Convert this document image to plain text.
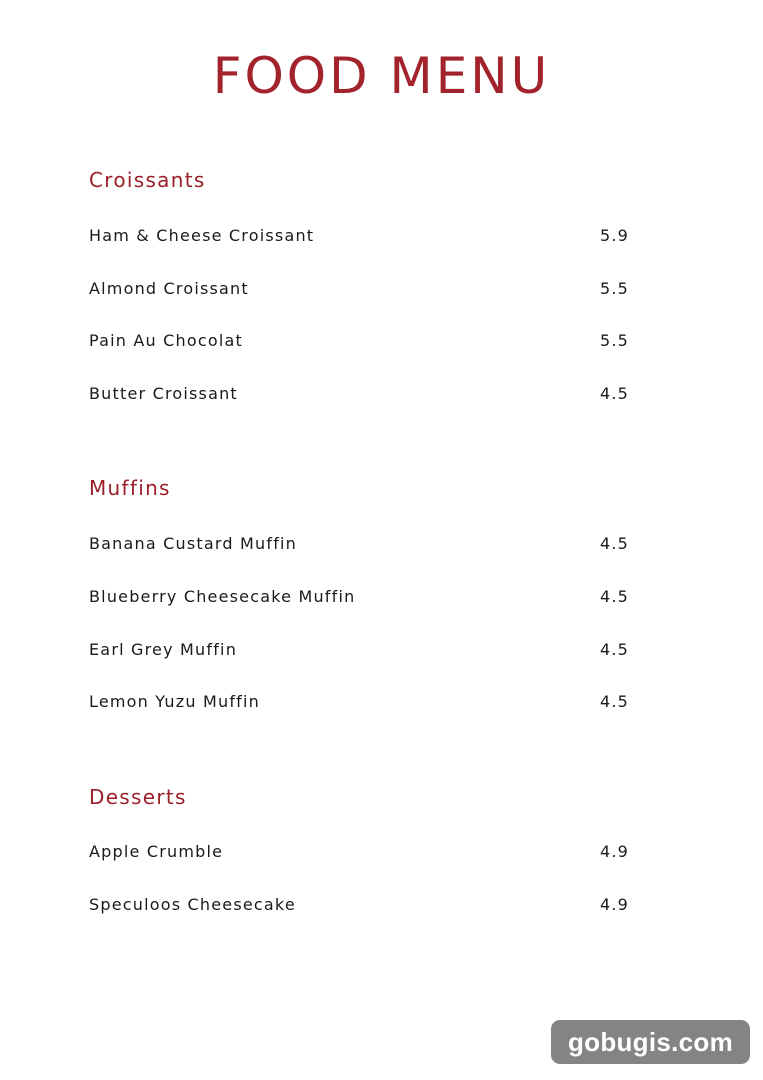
FOOD MENU
Croissants
Ham & Cheese Croissant	5.9
Almond Croissant	5.5
Pain Au Chocolat	5.5
Butter Croissant	4.5
Muffins
Banana Custard Muffin	4.5
Blueberry Cheesecake Muffin	4.5
Earl Grey Muffin	4.5
Lemon Yuzu Muffin	4.5
Desserts
Apple Crumble	4.9
Speculoos Cheesecake	4.9
gobugis.com
